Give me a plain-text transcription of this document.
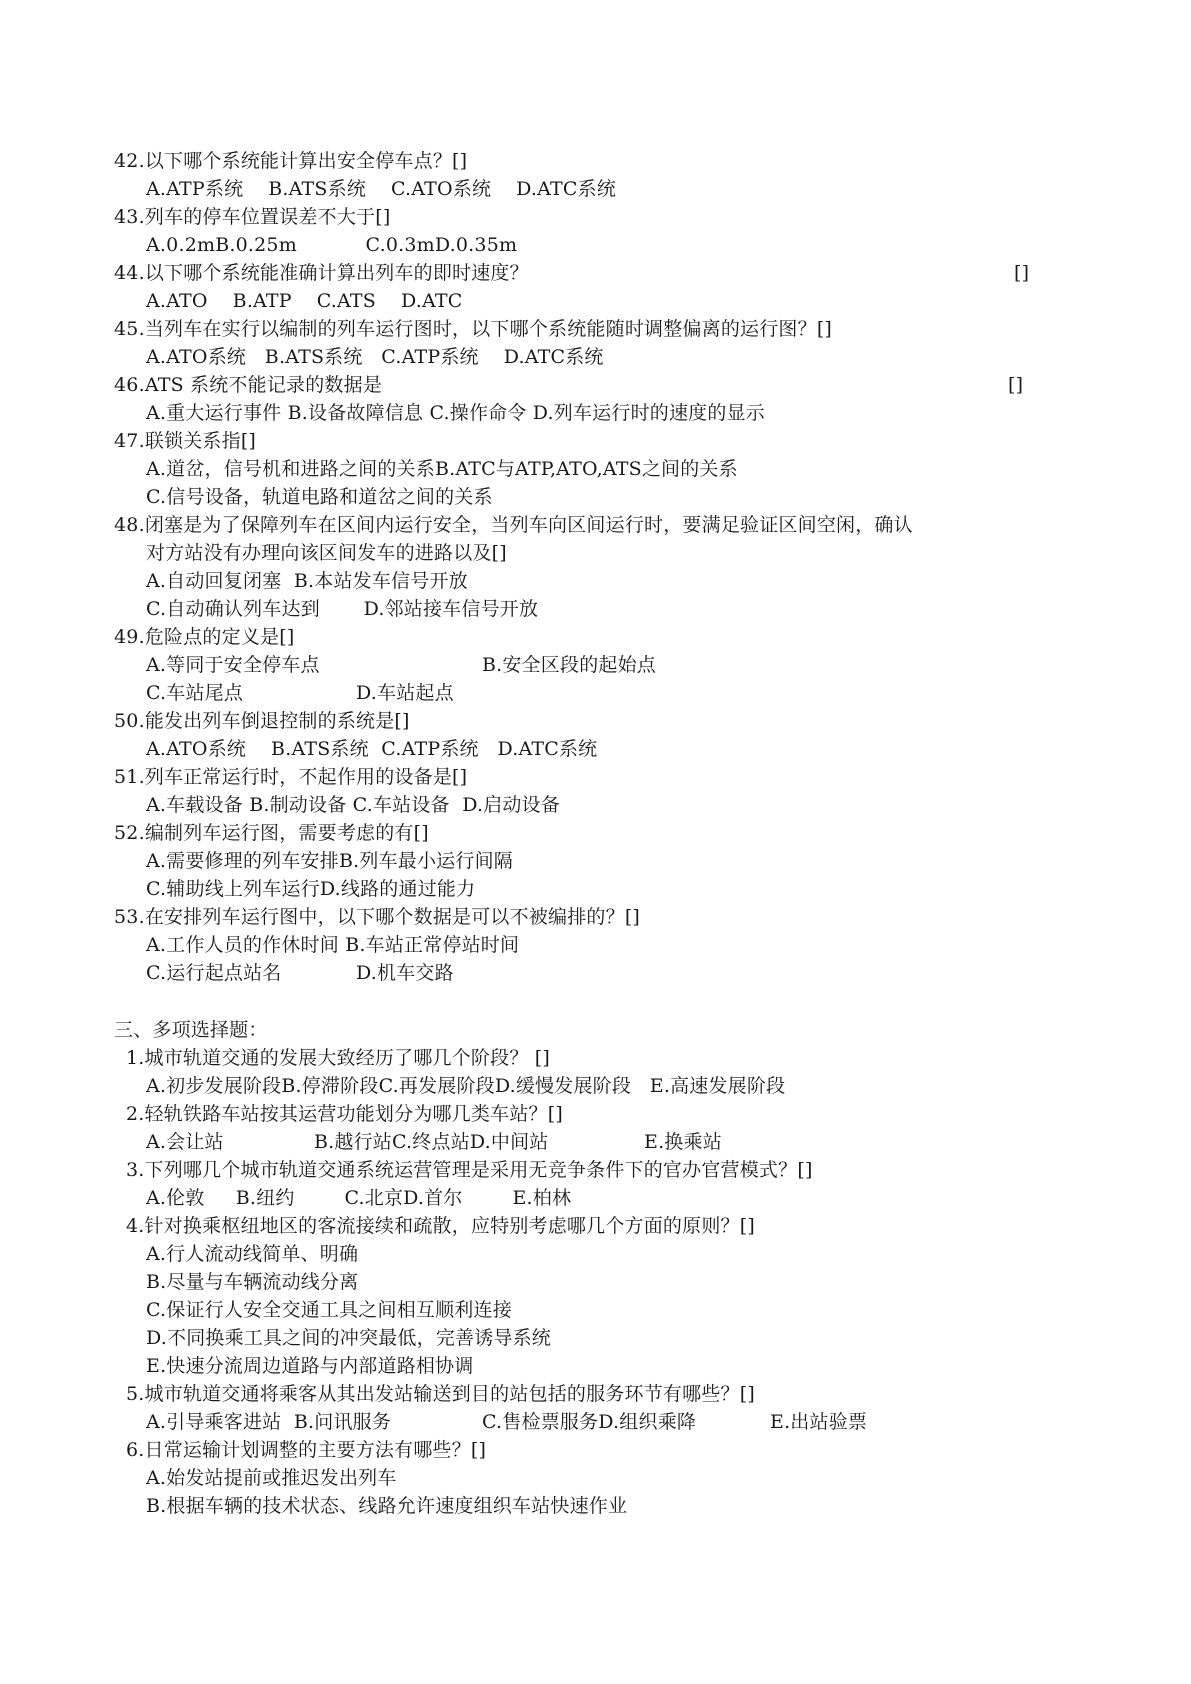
42.以下哪个系统能计算出安全停车点？[]
A.ATP系统    B.ATS系统    C.ATO系统    D.ATC系统
43.列车的停车位置误差不大于[]
A.0.2mB.0.25m           C.0.3mD.0.35m
44.以下哪个系统能准确计算出列车的即时速度？	[]
A.ATO    B.ATP    C.ATS    D.ATC
45.当列车在实行以编制的列车运行图时，以下哪个系统能随时调整偏离的运行图？[]
A.ATO系统   B.ATS系统   C.ATP系统    D.ATC系统
46.ATS 系统不能记录的数据是	[]
A.重大运行事件 B.设备故障信息 C.操作命令 D.列车运行时的速度的显示
47.联锁关系指[]
A.道岔，信号机和进路之间的关系B.ATC与ATP,ATO,ATS之间的关系
C.信号设备，轨道电路和道岔之间的关系
48.闭塞是为了保障列车在区间内运行安全，当列车向区间运行时，要满足验证区间空闲，确认
对方站没有办理向该区间发车的进路以及[]
A.自动回复闭塞  B.本站发车信号开放
C.自动确认列车达到       D.邻站接车信号开放
49.危险点的定义是[]
A.等同于安全停车点	B.安全区段的起始点
C.车站尾点	D.车站起点
50.能发出列车倒退控制的系统是[]
A.ATO系统    B.ATS系统  C.ATP系统   D.ATC系统
51.列车正常运行时，不起作用的设备是[]
A.车载设备 B.制动设备 C.车站设备  D.启动设备
52.编制列车运行图，需要考虑的有[]
A.需要修理的列车安排B.列车最小运行间隔
C.辅助线上列车运行D.线路的通过能力
53.在安排列车运行图中，以下哪个数据是可以不被编排的？[]
A.工作人员的作休时间 B.车站正常停站时间
C.运行起点站名	D.机车交路
三、多项选择题：
1.城市轨道交通的发展大致经历了哪几个阶段？ []
A.初步发展阶段B.停滞阶段C.再发展阶段D.缓慢发展阶段   E.高速发展阶段
2.轻轨铁路车站按其运营功能划分为哪几类车站？[]
A.会让站	B.越行站C.终点站D.中间站	E.换乘站
3.下列哪几个城市轨道交通系统运营管理是采用无竞争条件下的官办官营模式？[]
A.伦敦     B.纽约        C.北京D.首尔        E.柏林
4.针对换乘枢纽地区的客流接续和疏散，应特别考虑哪几个方面的原则？[]
A.行人流动线简单、明确
B.尽量与车辆流动线分离
C.保证行人安全交通工具之间相互顺利连接
D.不同换乘工具之间的冲突最低，完善诱导系统
E.快速分流周边道路与内部道路相协调
5.城市轨道交通将乘客从其出发站输送到目的站包括的服务环节有哪些？[]
A.引导乘客进站  B.问讯服务	C.售检票服务D.组织乘降	E.出站验票
6.日常运输计划调整的主要方法有哪些？[]
A.始发站提前或推迟发出列车
B.根据车辆的技术状态、线路允许速度组织车站快速作业
